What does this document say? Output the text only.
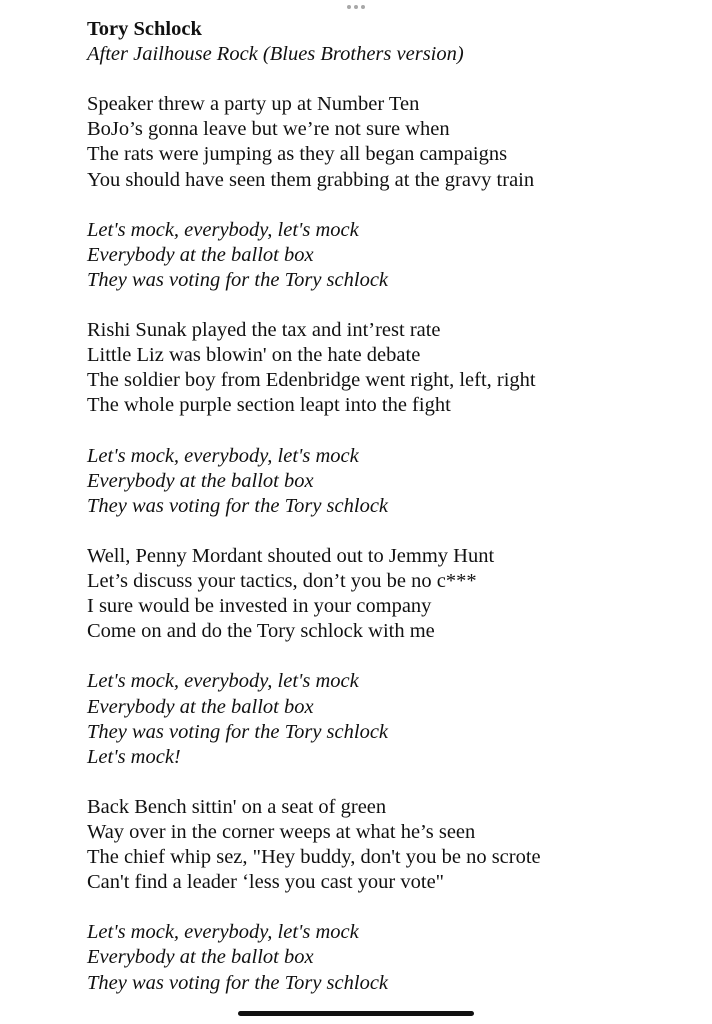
Tory Schlock
After Jailhouse Rock (Blues Brothers version)
Speaker threw a party up at Number Ten
BoJo’s gonna leave but we’re not sure when
The rats were jumping as they all began campaigns
You should have seen them grabbing at the gravy train
Let's mock, everybody, let's mock
Everybody at the ballot box
They was voting for the Tory schlock
Rishi Sunak played the tax and int’rest rate
Little Liz was blowin' on the hate debate
The soldier boy from Edenbridge went right, left, right
The whole purple section leapt into the fight
Let's mock, everybody, let's mock
Everybody at the ballot box
They was voting for the Tory schlock
Well, Penny Mordant shouted out to Jemmy Hunt
Let’s discuss your tactics, don’t you be no c***
I sure would be invested in your company
Come on and do the Tory schlock with me
Let's mock, everybody, let's mock
Everybody at the ballot box
They was voting for the Tory schlock
Let's mock!
Back Bench sittin' on a seat of green
Way over in the corner weeps at what he’s seen
The chief whip sez, "Hey buddy, don't you be no scrote
Can't find a leader ‘less you cast your vote"
Let's mock, everybody, let's mock
Everybody at the ballot box
They was voting for the Tory schlock
